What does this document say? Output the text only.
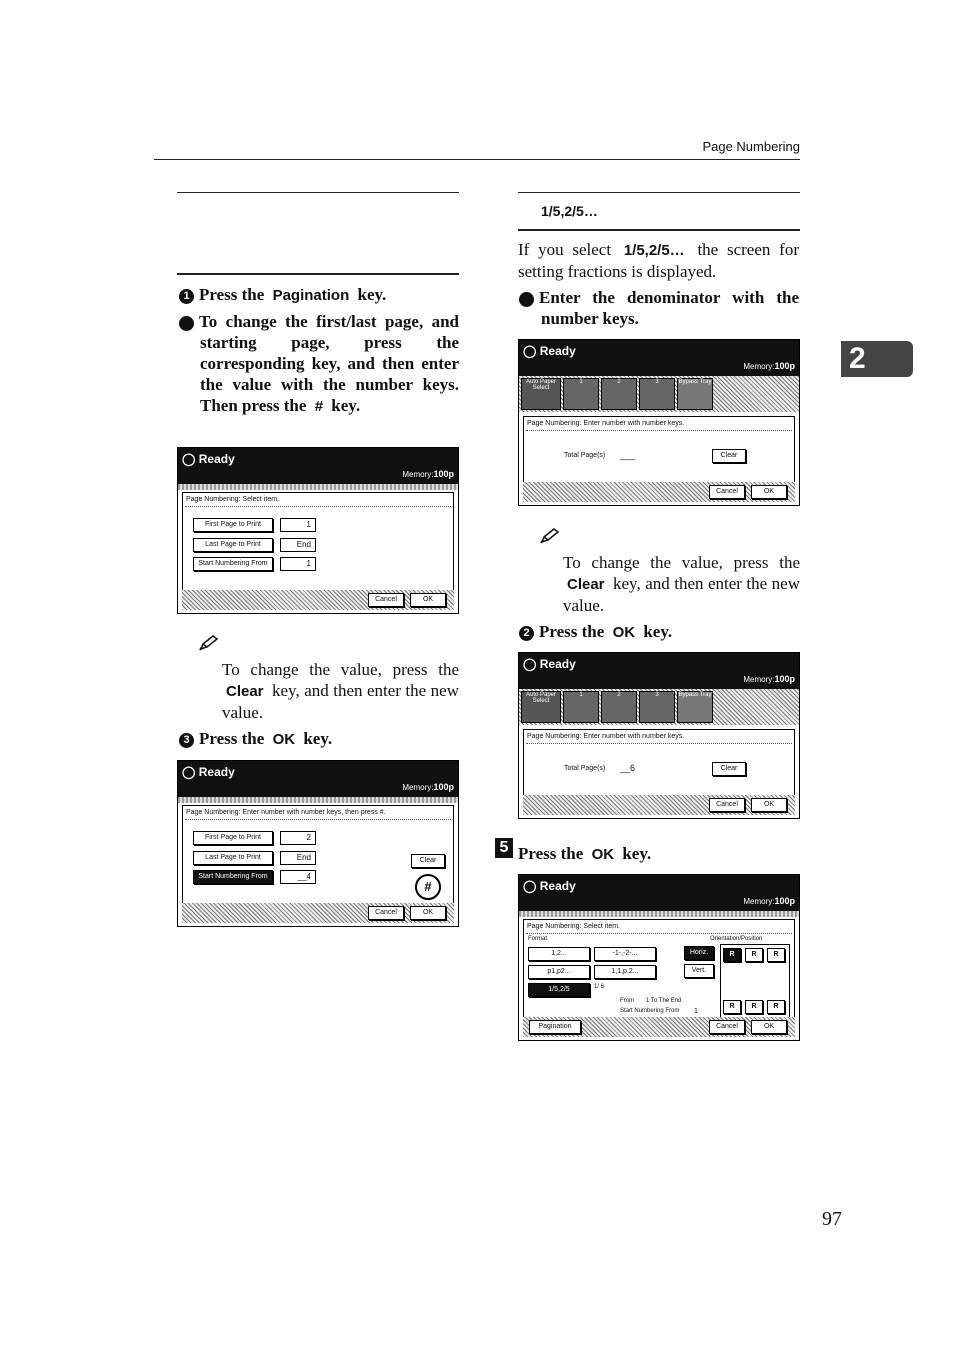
Page Numbering
2
97
1 Press the Pagination key.
2 To change the first/last page, and starting page, press the corresponding key, and then enter the value with the number keys. Then press the # key.
◯ Ready
Memory:100p
Page Numbering: Select item.
First Page to Print	1
Last Page to Print	End
Start Numbering From	1
Cancel	OK
To change the value, press the Clear key, and then enter the new value.
3 Press the OK key.
◯ Ready
Memory:100p
Page Numbering: Enter number with number keys, then press #.
First Page to Print	2
Last Page to Print	End
Start Numbering From	__4
Clear
#
Cancel	OK
1/5,2/5…
If you select 1/5,2/5… the screen for setting fractions is displayed.
1 Enter the denominator with the number keys.
◯ Ready
Memory:100p
Auto Paper Select
1	2	3	Bypass Tray
Page Numbering: Enter number with number keys.
Total Page(s) ___	Clear
Cancel	OK
To change the value, press the Clear key, and then enter the new value.
2 Press the OK key.
◯ Ready
Memory:100p
Auto Paper Select
1	2	3	Bypass Tray
Page Numbering: Enter number with number keys.
Total Page(s) __6	Clear
Cancel	OK
5 Press the OK key.
◯ Ready
Memory:100p
Page Numbering: Select item.
Format	Orientation/Position
1,2...	-1-,-2-...
p1,p2...	1,1,p.2...
1/5,2/5	1/ 6
From 1 To The End
Start Numbering From 1
Horiz.
Vert.
R	R	R
R	R	R
Pagination	Cancel	OK
